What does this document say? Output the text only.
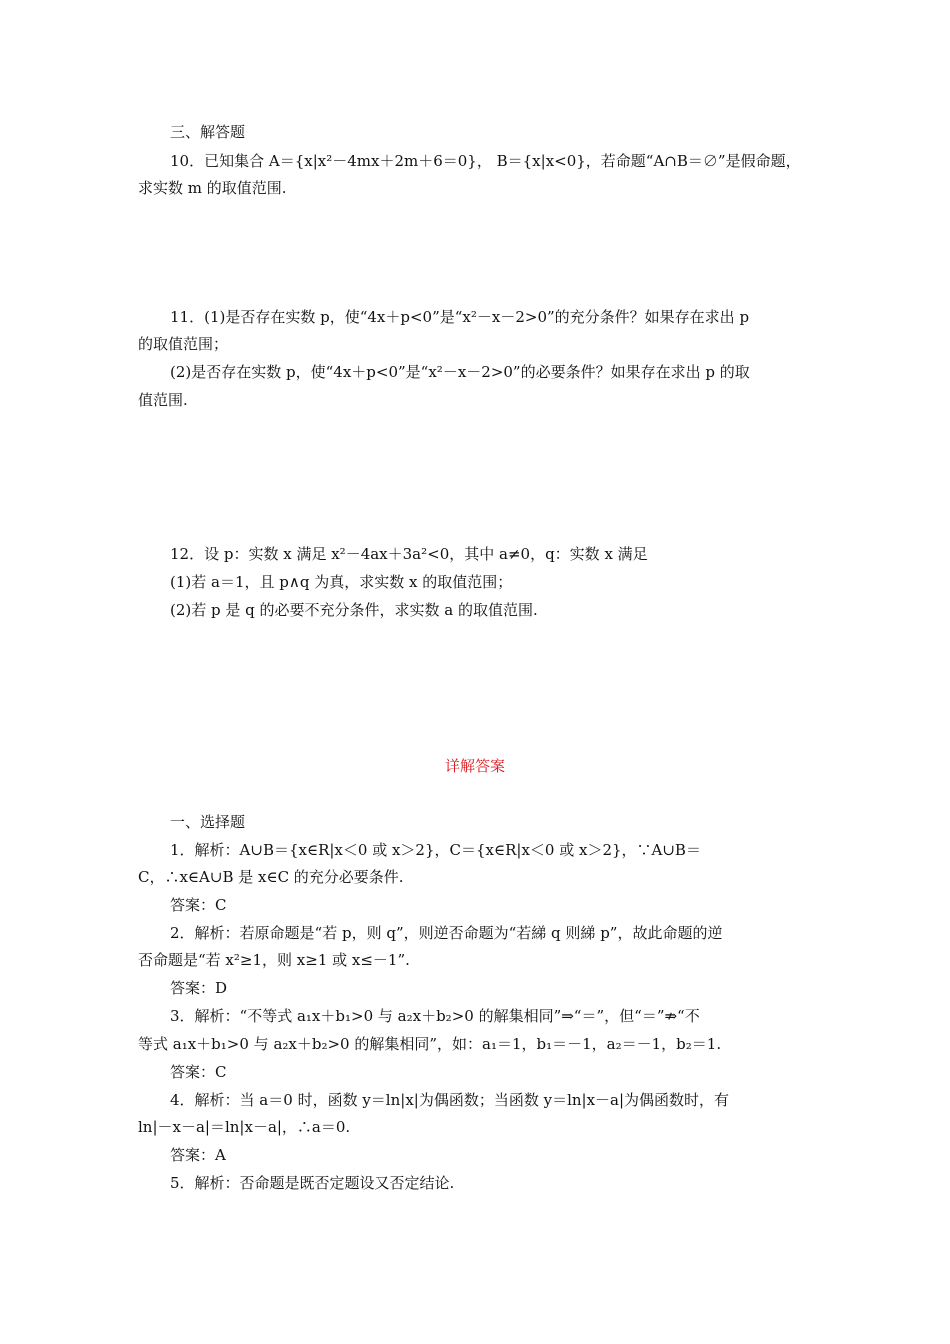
三、解答题
10．已知集合 A＝{x|x²－4mx＋2m＋6＝0}， B＝{x|x<0}，若命题“A∩B＝∅”是假命题，
求实数 m 的取值范围.
11．(1)是否存在实数 p，使“4x＋p<0”是“x²－x－2>0”的充分条件？如果存在求出 p
的取值范围；
(2)是否存在实数 p，使“4x＋p<0”是“x²－x－2>0”的必要条件？如果存在求出 p 的取
值范围.
12．设 p：实数 x 满足 x²－4ax＋3a²<0，其中 a≠0，q：实数 x 满足
(1)若 a＝1，且 p∧q 为真，求实数 x 的取值范围；
(2)若 p 是 q 的必要不充分条件，求实数 a 的取值范围.
详解答案
一、选择题
1．解析：A∪B＝{x∈R|x＜0 或 x＞2}，C＝{x∈R|x＜0 或 x＞2}，∵A∪B＝
C，∴x∈A∪B 是 x∈C 的充分必要条件.
答案：C
2．解析：若原命题是“若 p，则 q”，则逆否命题为“若綈 q 则綈 p”，故此命题的逆
否命题是“若 x²≥1，则 x≥1 或 x≤－1”.
答案：D
3．解析：“不等式 a₁x＋b₁>0 与 a₂x＋b₂>0 的解集相同”⇒“＝”，但“＝”⇏“不
等式 a₁x＋b₁>0 与 a₂x＋b₂>0 的解集相同”，如：a₁＝1，b₁＝－1，a₂＝－1，b₂＝1.
答案：C
4．解析：当 a＝0 时，函数 y＝ln|x|为偶函数；当函数 y＝ln|x－a|为偶函数时，有
ln|－x－a|＝ln|x－a|，∴a＝0.
答案：A
5．解析：否命题是既否定题设又否定结论.
